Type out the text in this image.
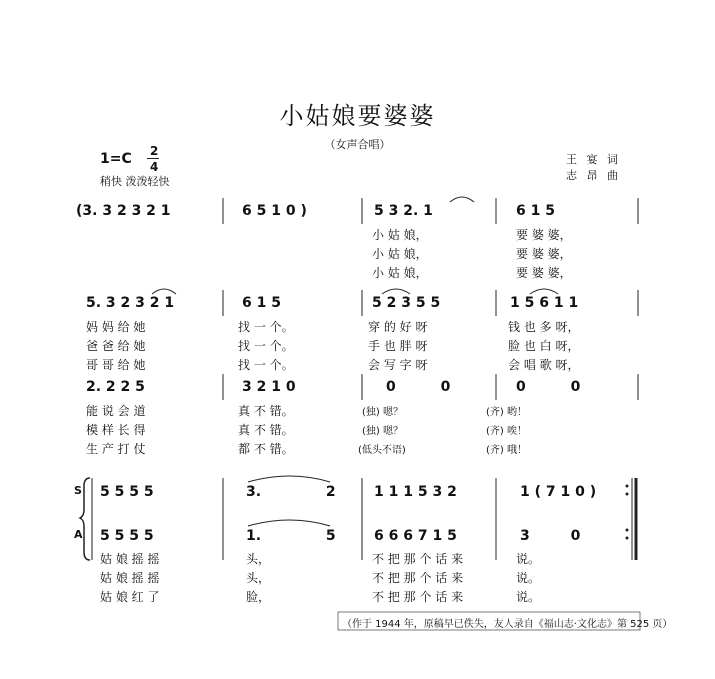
小姑娘要婆婆
（女声合唱）
1=C 2
4
稍快 泼泼轻快
王 宴 词
志 昂 曲
(3. 3 2 3 2 1	6 5 1 0 )	5 3 2. 1	6 1 5
小 姑 娘，	要 婆 婆，
小 姑 娘，	要 婆 婆，
小 姑 娘，	要 婆 婆，
5. 3 2 3 2 1	6 1 5	5 2 3 5 5	1 5 6 1 1
妈 妈 给 她	找 一 个。	穿 的 好 呀	钱 也 多 呀，
爸 爸 给 她	找 一 个。	手 也 胖 呀	脸 也 白 呀，
哥 哥 给 她	找 一 个。	会 写 字 呀	会 唱 歌 呀，
2. 2 2 5	3 2 1 0	0 0	0 0
能 说 会 道	真 不 错。	(独) 嗯？	(齐) 哟！
模 样 长 得	真 不 错。	(独) 嗯？	(齐) 唉！
生 产 打 仗	都 不 错。	(低头不语)	(齐) 哦！
S
A
5 5 5 5	3. 2	1 1 1 5 3 2	1 ( 7 1 0 )
5 5 5 5	1. 5	6 6 6 7 1 5	3 0
姑 娘 摇 摇	头，	不 把 那 个 话 来	说。
姑 娘 摇 摇	头，	不 把 那 个 话 来	说。
姑 娘 红 了	脸，	不 把 那 个 话 来	说。
（作于 1944 年，原稿早已佚失，友人录自《福山志·文化志》第 525 页）
